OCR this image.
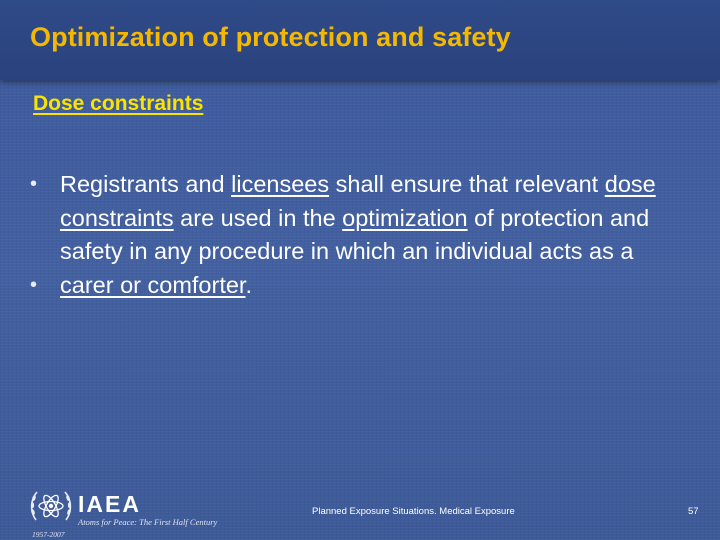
Optimization of protection and safety
Dose constraints
• Registrants and licensees shall ensure that relevant dose constraints are used in the optimization of protection and safety in any procedure in which an individual acts as a
• carer or comforter.
IAEA
Atoms for Peace: The First Half Century
1957-2007
Planned Exposure Situations. Medical Exposure	57
